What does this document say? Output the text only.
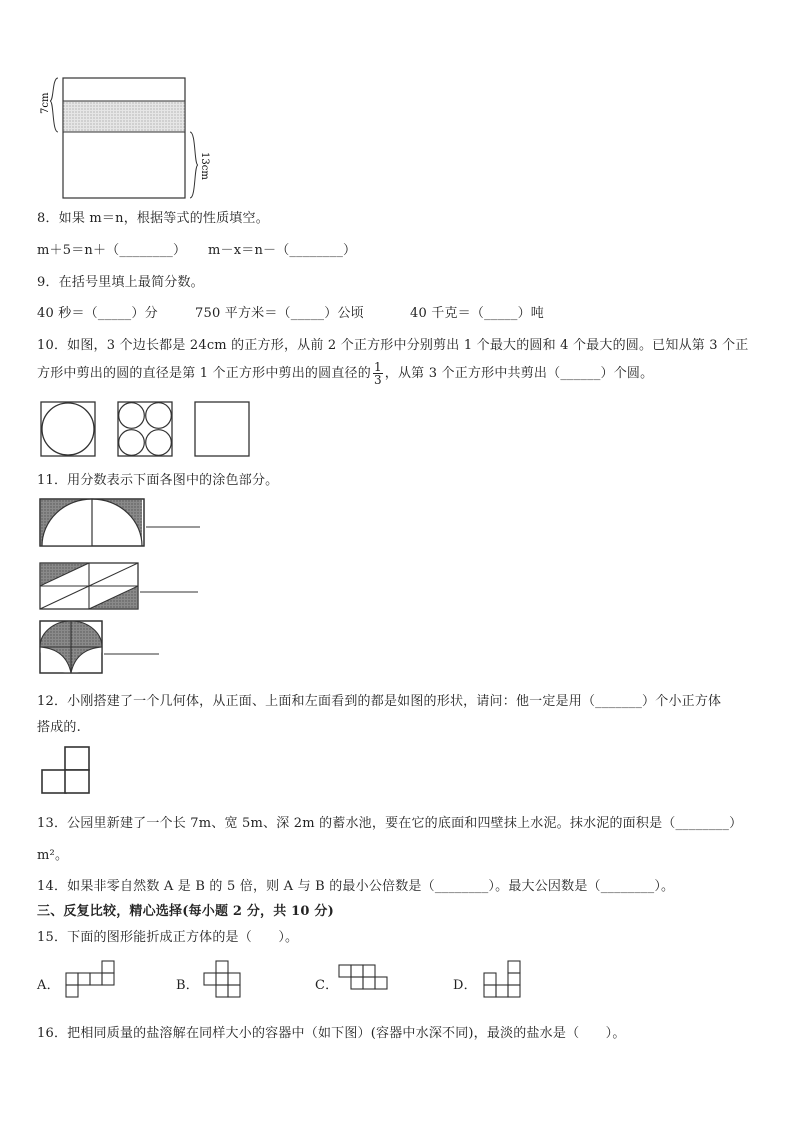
7cm
13cm
8．如果 m＝n，根据等式的性质填空。
m＋5＝n＋（________） m－x＝n－（________）
9．在括号里填上最简分数。
40 秒＝（_____）分	750 平方米＝（_____）公顷	40 千克＝（_____）吨
10．如图，3 个边长都是 24cm 的正方形，从前 2 个正方形中分别剪出 1 个最大的圆和 4 个最大的圆。已知从第 3 个正
方形中剪出的圆的直径是第 1 个正方形中剪出的圆直径的 $\frac{1}{3}$ ，从第 3 个正方形中共剪出（______）个圆。
11．用分数表示下面各图中的涂色部分。
12．小刚搭建了一个几何体，从正面、上面和左面看到的都是如图的形状，请问：他一定是用（_______）个小正方体
搭成的.
13．公园里新建了一个长 7m、宽 5m、深 2m 的蓄水池，要在它的底面和四壁抹上水泥。抹水泥的面积是（________）
m²。
14．如果非零自然数 A 是 B 的 5 倍，则 A 与 B 的最小公倍数是（________）。最大公因数是（________）。
三、反复比较，精心选择(每小题 2 分，共 10 分)
15．下面的图形能折成正方体的是（　　）。
A．	B．	C．	D．
16．把相同质量的盐溶解在同样大小的容器中（如下图）(容器中水深不同)，最淡的盐水是（　　）。
